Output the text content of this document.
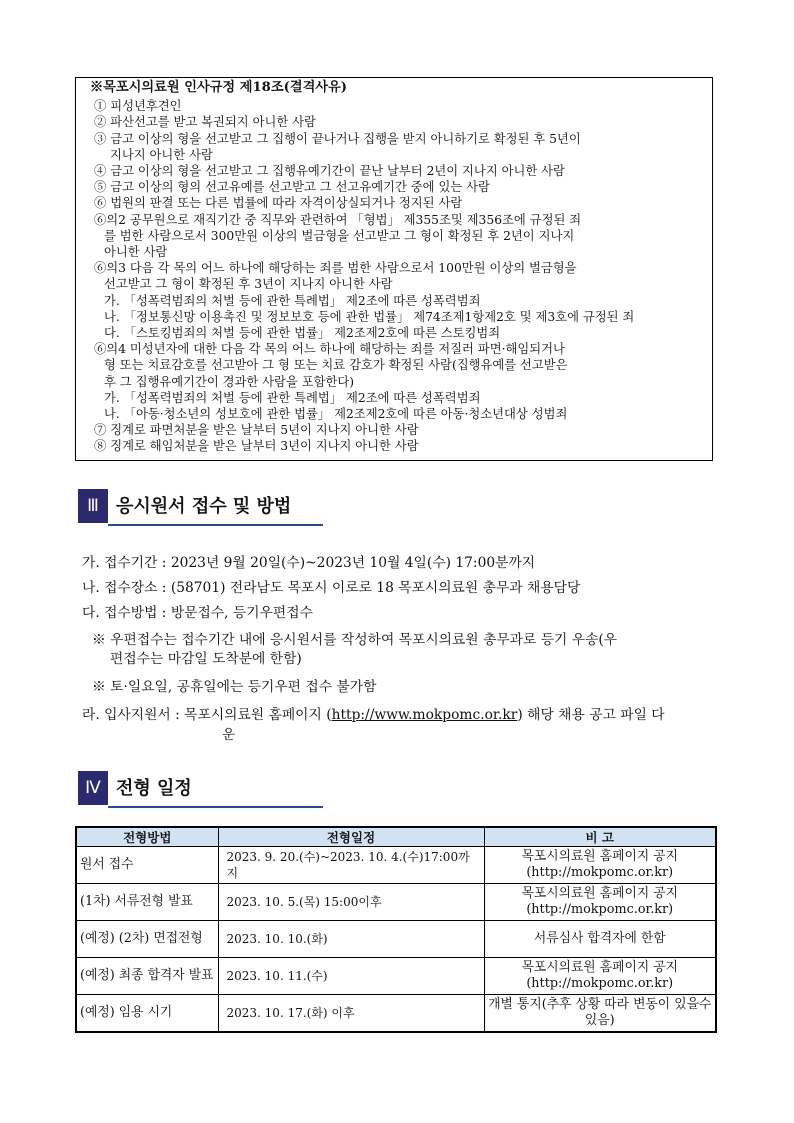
※목포시의료원 인사규정 제18조(결격사유)
① 피성년후견인
② 파산선고를 받고 복권되지 아니한 사람
③ 금고 이상의 형을 선고받고 그 집행이 끝나거나 집행을 받지 아니하기로 확정된 후 5년이
지나지 아니한 사람
④ 금고 이상의 형을 선고받고 그 집행유예기간이 끝난 날부터 2년이 지나지 아니한 사람
⑤ 금고 이상의 형의 선고유예를 선고받고 그 선고유예기간 중에 있는 사람
⑥ 법원의 판결 또는 다른 법률에 따라 자격이상실되거나 정지된 사람
⑥의2 공무원으로 재직기간 중 직무와 관련하여 「형법」 제355조및 제356조에 규정된 죄
를 범한 사람으로서 300만원 이상의 벌금형을 선고받고 그 형이 확정된 후 2년이 지나지
아니한 사람
⑥의3 다음 각 목의 어느 하나에 해당하는 죄를 범한 사람으로서 100만원 이상의 벌금형을
선고받고 그 형이 확정된 후 3년이 지나지 아니한 사람
가. 「성폭력범죄의 처벌 등에 관한 특례법」 제2조에 따른 성폭력범죄
나. 「정보통신망 이용촉진 및 정보보호 등에 관한 법률」 제74조제1항제2호 및 제3호에 규정된 죄
다. 「스토킹범죄의 처벌 등에 관한 법률」 제2조제2호에 따른 스토킹범죄
⑥의4 미성년자에 대한 다음 각 목의 어느 하나에 해당하는 죄를 저질러 파면·해임되거나
형 또는 치료감호를 선고받아 그 형 또는 치료 감호가 확정된 사람(집행유예를 선고받은
후 그 집행유예기간이 경과한 사람을 포함한다)
가. 「성폭력범죄의 처벌 등에 관한 특례법」 제2조에 따른 성폭력범죄
나. 「아동·청소년의 성보호에 관한 법률」 제2조제2호에 따른 아동·청소년대상 성범죄
⑦ 징계로 파면처분을 받은 날부터 5년이 지나지 아니한 사람
⑧ 징계로 해임처분을 받은 날부터 3년이 지나지 아니한 사람
Ⅲ 응시원서 접수 및 방법
가. 접수기간 : 2023년 9월 20일(수)~2023년 10월 4일(수) 17:00분까지
나. 접수장소 : (58701) 전라남도 목포시 이로로 18 목포시의료원 총무과 채용담당
다. 접수방법 : 방문접수, 등기우편접수
※ 우편접수는 접수기간 내에 응시원서를 작성하여 목포시의료원 총무과로 등기 우송(우
편접수는 마감일 도착분에 한함)
※ 토·일요일, 공휴일에는 등기우편 접수 불가함
라. 입사지원서 : 목포시의료원 홈페이지 (http://www.mokpomc.or.kr) 해당 채용 공고 파일 다
운
Ⅳ 전형 일정
전형방법	전형일정	비 고
원서 접수	2023. 9. 20.(수)~2023. 10. 4.(수)17:00까지	목포시의료원 홈페이지 공지 (http://mokpomc.or.kr)
(1차) 서류전형 발표	2023. 10. 5.(목) 15:00이후	목포시의료원 홈페이지 공지 (http://mokpomc.or.kr)
(예정) (2차) 면접전형	2023. 10. 10.(화)	서류심사 합격자에 한함
(예정) 최종 합격자 발표	2023. 10. 11.(수)	목포시의료원 홈페이지 공지 (http://mokpomc.or.kr)
(예정) 임용 시기	2023. 10. 17.(화) 이후	개별 통지(추후 상황 따라 변동이 있을수 있음)
